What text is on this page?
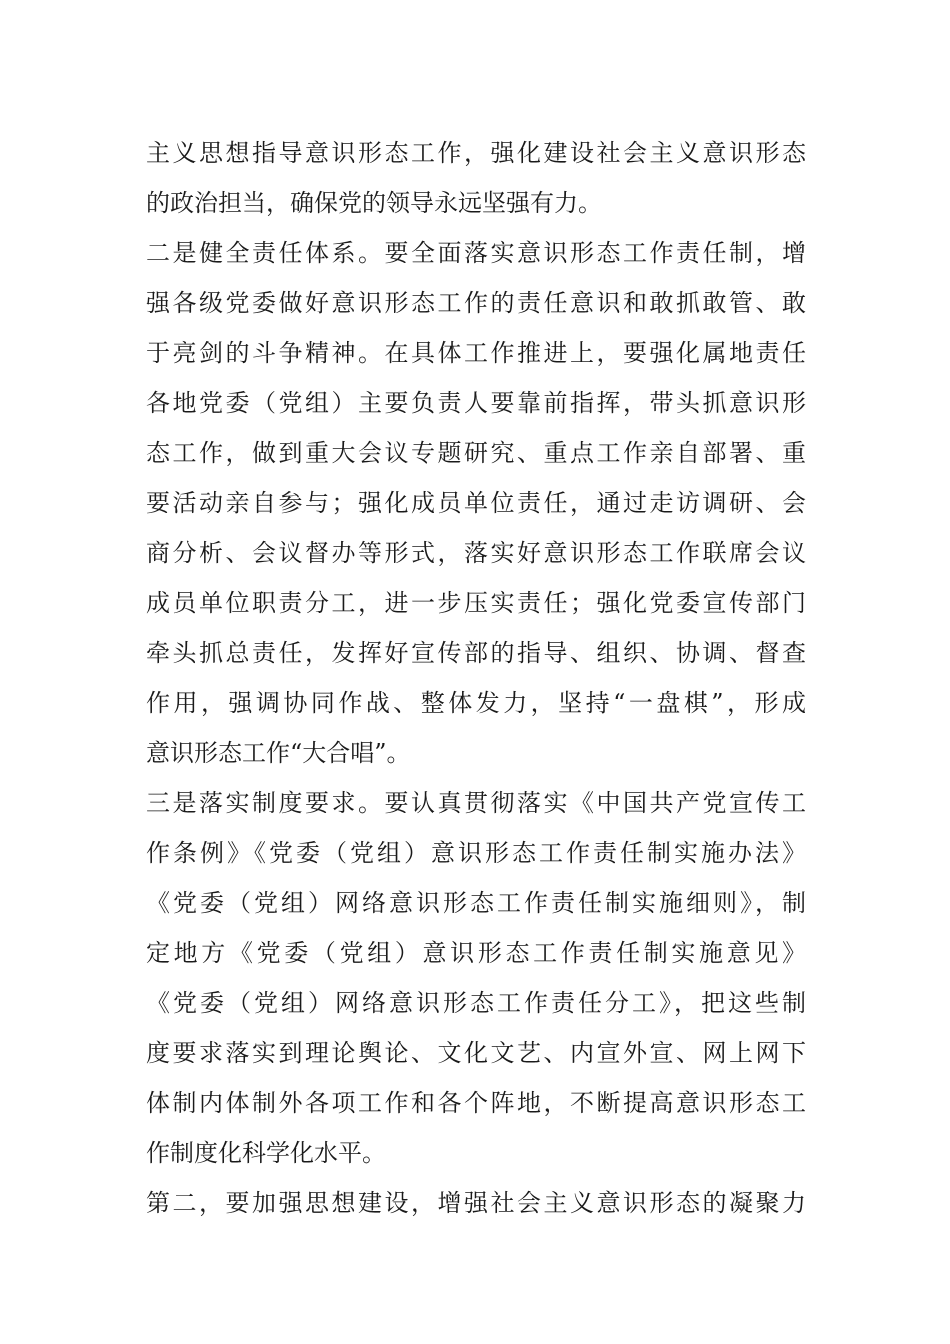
主义思想指导意识形态工作，强化建设社会主义意识形态
的政治担当，确保党的领导永远坚强有力。
二是健全责任体系。要全面落实意识形态工作责任制，增
强各级党委做好意识形态工作的责任意识和敢抓敢管、敢
于亮剑的斗争精神。在具体工作推进上，要强化属地责任
各地党委（党组）主要负责人要靠前指挥，带头抓意识形
态工作，做到重大会议专题研究、重点工作亲自部署、重
要活动亲自参与；强化成员单位责任，通过走访调研、会
商分析、会议督办等形式，落实好意识形态工作联席会议
成员单位职责分工，进一步压实责任；强化党委宣传部门
牵头抓总责任，发挥好宣传部的指导、组织、协调、督查
作用，强调协同作战、整体发力，坚持“一盘棋”，形成
意识形态工作“大合唱”。
三是落实制度要求。要认真贯彻落实《中国共产党宣传工
作条例》《党委（党组）意识形态工作责任制实施办法》
《党委（党组）网络意识形态工作责任制实施细则》，制
定地方《党委（党组）意识形态工作责任制实施意见》
《党委（党组）网络意识形态工作责任分工》，把这些制
度要求落实到理论舆论、文化文艺、内宣外宣、网上网下
体制内体制外各项工作和各个阵地，不断提高意识形态工
作制度化科学化水平。
第二，要加强思想建设，增强社会主义意识形态的凝聚力
